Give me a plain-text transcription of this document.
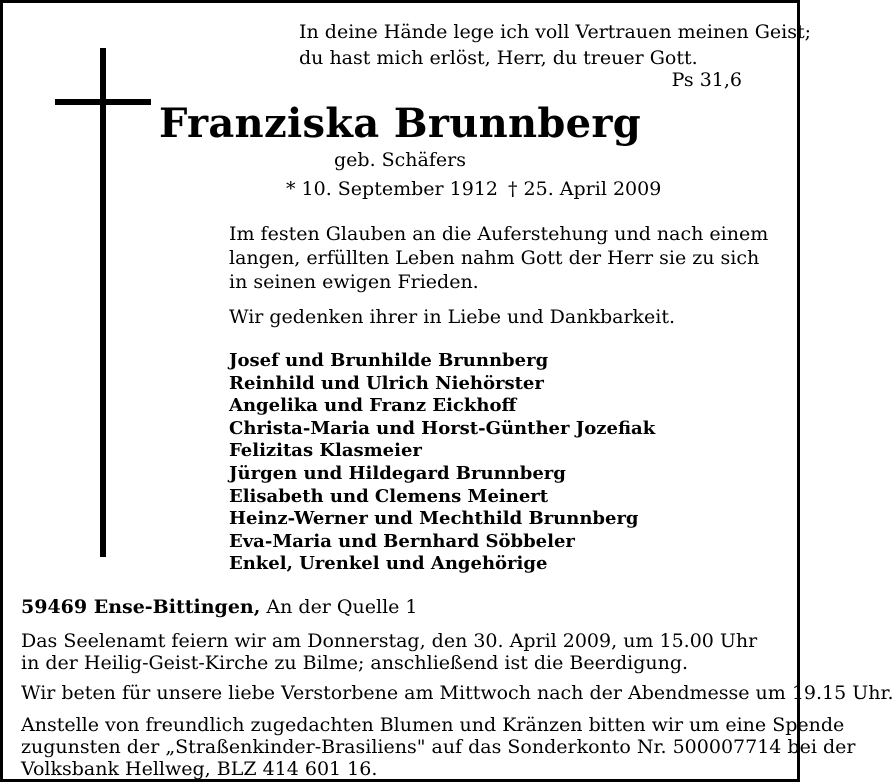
In deine Hände lege ich voll Vertrauen meinen Geist;
du hast mich erlöst, Herr, du treuer Gott.
Ps 31,6
Franziska Brunnberg
geb. Schäfers
* 10. September 1912 † 25. April 2009
Im festen Glauben an die Auferstehung und nach einem
langen, erfüllten Leben nahm Gott der Herr sie zu sich
in seinen ewigen Frieden.
Wir gedenken ihrer in Liebe und Dankbarkeit.
Josef und Brunhilde Brunnberg
Reinhild und Ulrich Niehörster
Angelika und Franz Eickhoff
Christa-Maria und Horst-Günther Jozefiak
Felizitas Klasmeier
Jürgen und Hildegard Brunnberg
Elisabeth und Clemens Meinert
Heinz-Werner und Mechthild Brunnberg
Eva-Maria und Bernhard Söbbeler
Enkel, Urenkel und Angehörige
59469 Ense-Bittingen, An der Quelle 1
Das Seelenamt feiern wir am Donnerstag, den 30. April 2009, um 15.00 Uhr
in der Heilig-Geist-Kirche zu Bilme; anschließend ist die Beerdigung.
Wir beten für unsere liebe Verstorbene am Mittwoch nach der Abendmesse um 19.15 Uhr.
Anstelle von freundlich zugedachten Blumen und Kränzen bitten wir um eine Spende
zugunsten der „Straßenkinder-Brasiliens" auf das Sonderkonto Nr. 500007714 bei der
Volksbank Hellweg, BLZ 414 601 16.
